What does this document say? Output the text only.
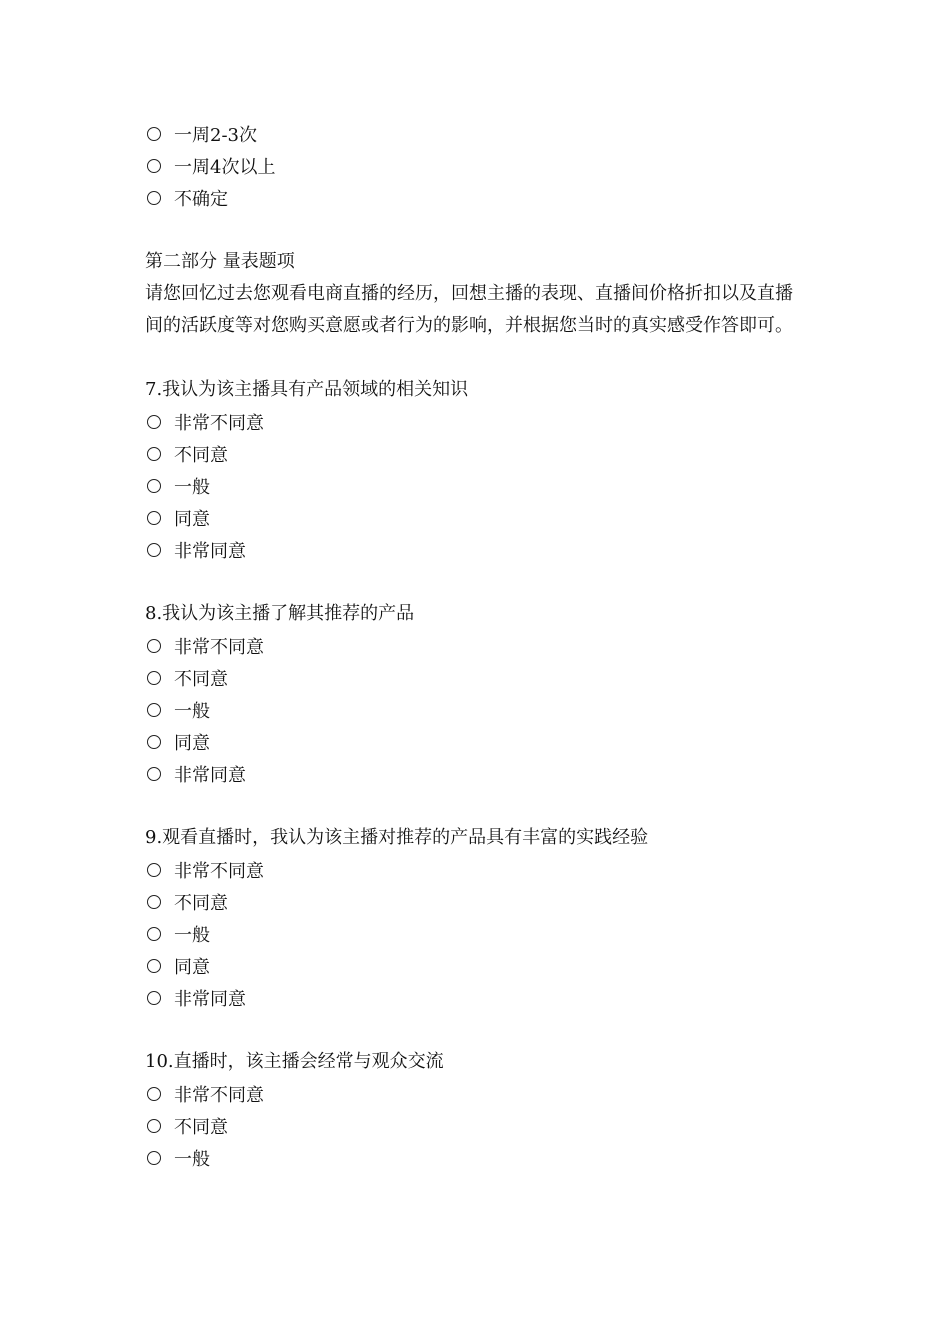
一周2-3次
一周4次以上
不确定
第二部分 量表题项
请您回忆过去您观看电商直播的经历，回想主播的表现、直播间价格折扣以及直播间的活跃度等对您购买意愿或者行为的影响，并根据您当时的真实感受作答即可。
7.我认为该主播具有产品领域的相关知识
非常不同意
不同意
一般
同意
非常同意
8.我认为该主播了解其推荐的产品
非常不同意
不同意
一般
同意
非常同意
9.观看直播时，我认为该主播对推荐的产品具有丰富的实践经验
非常不同意
不同意
一般
同意
非常同意
10.直播时，该主播会经常与观众交流
非常不同意
不同意
一般
